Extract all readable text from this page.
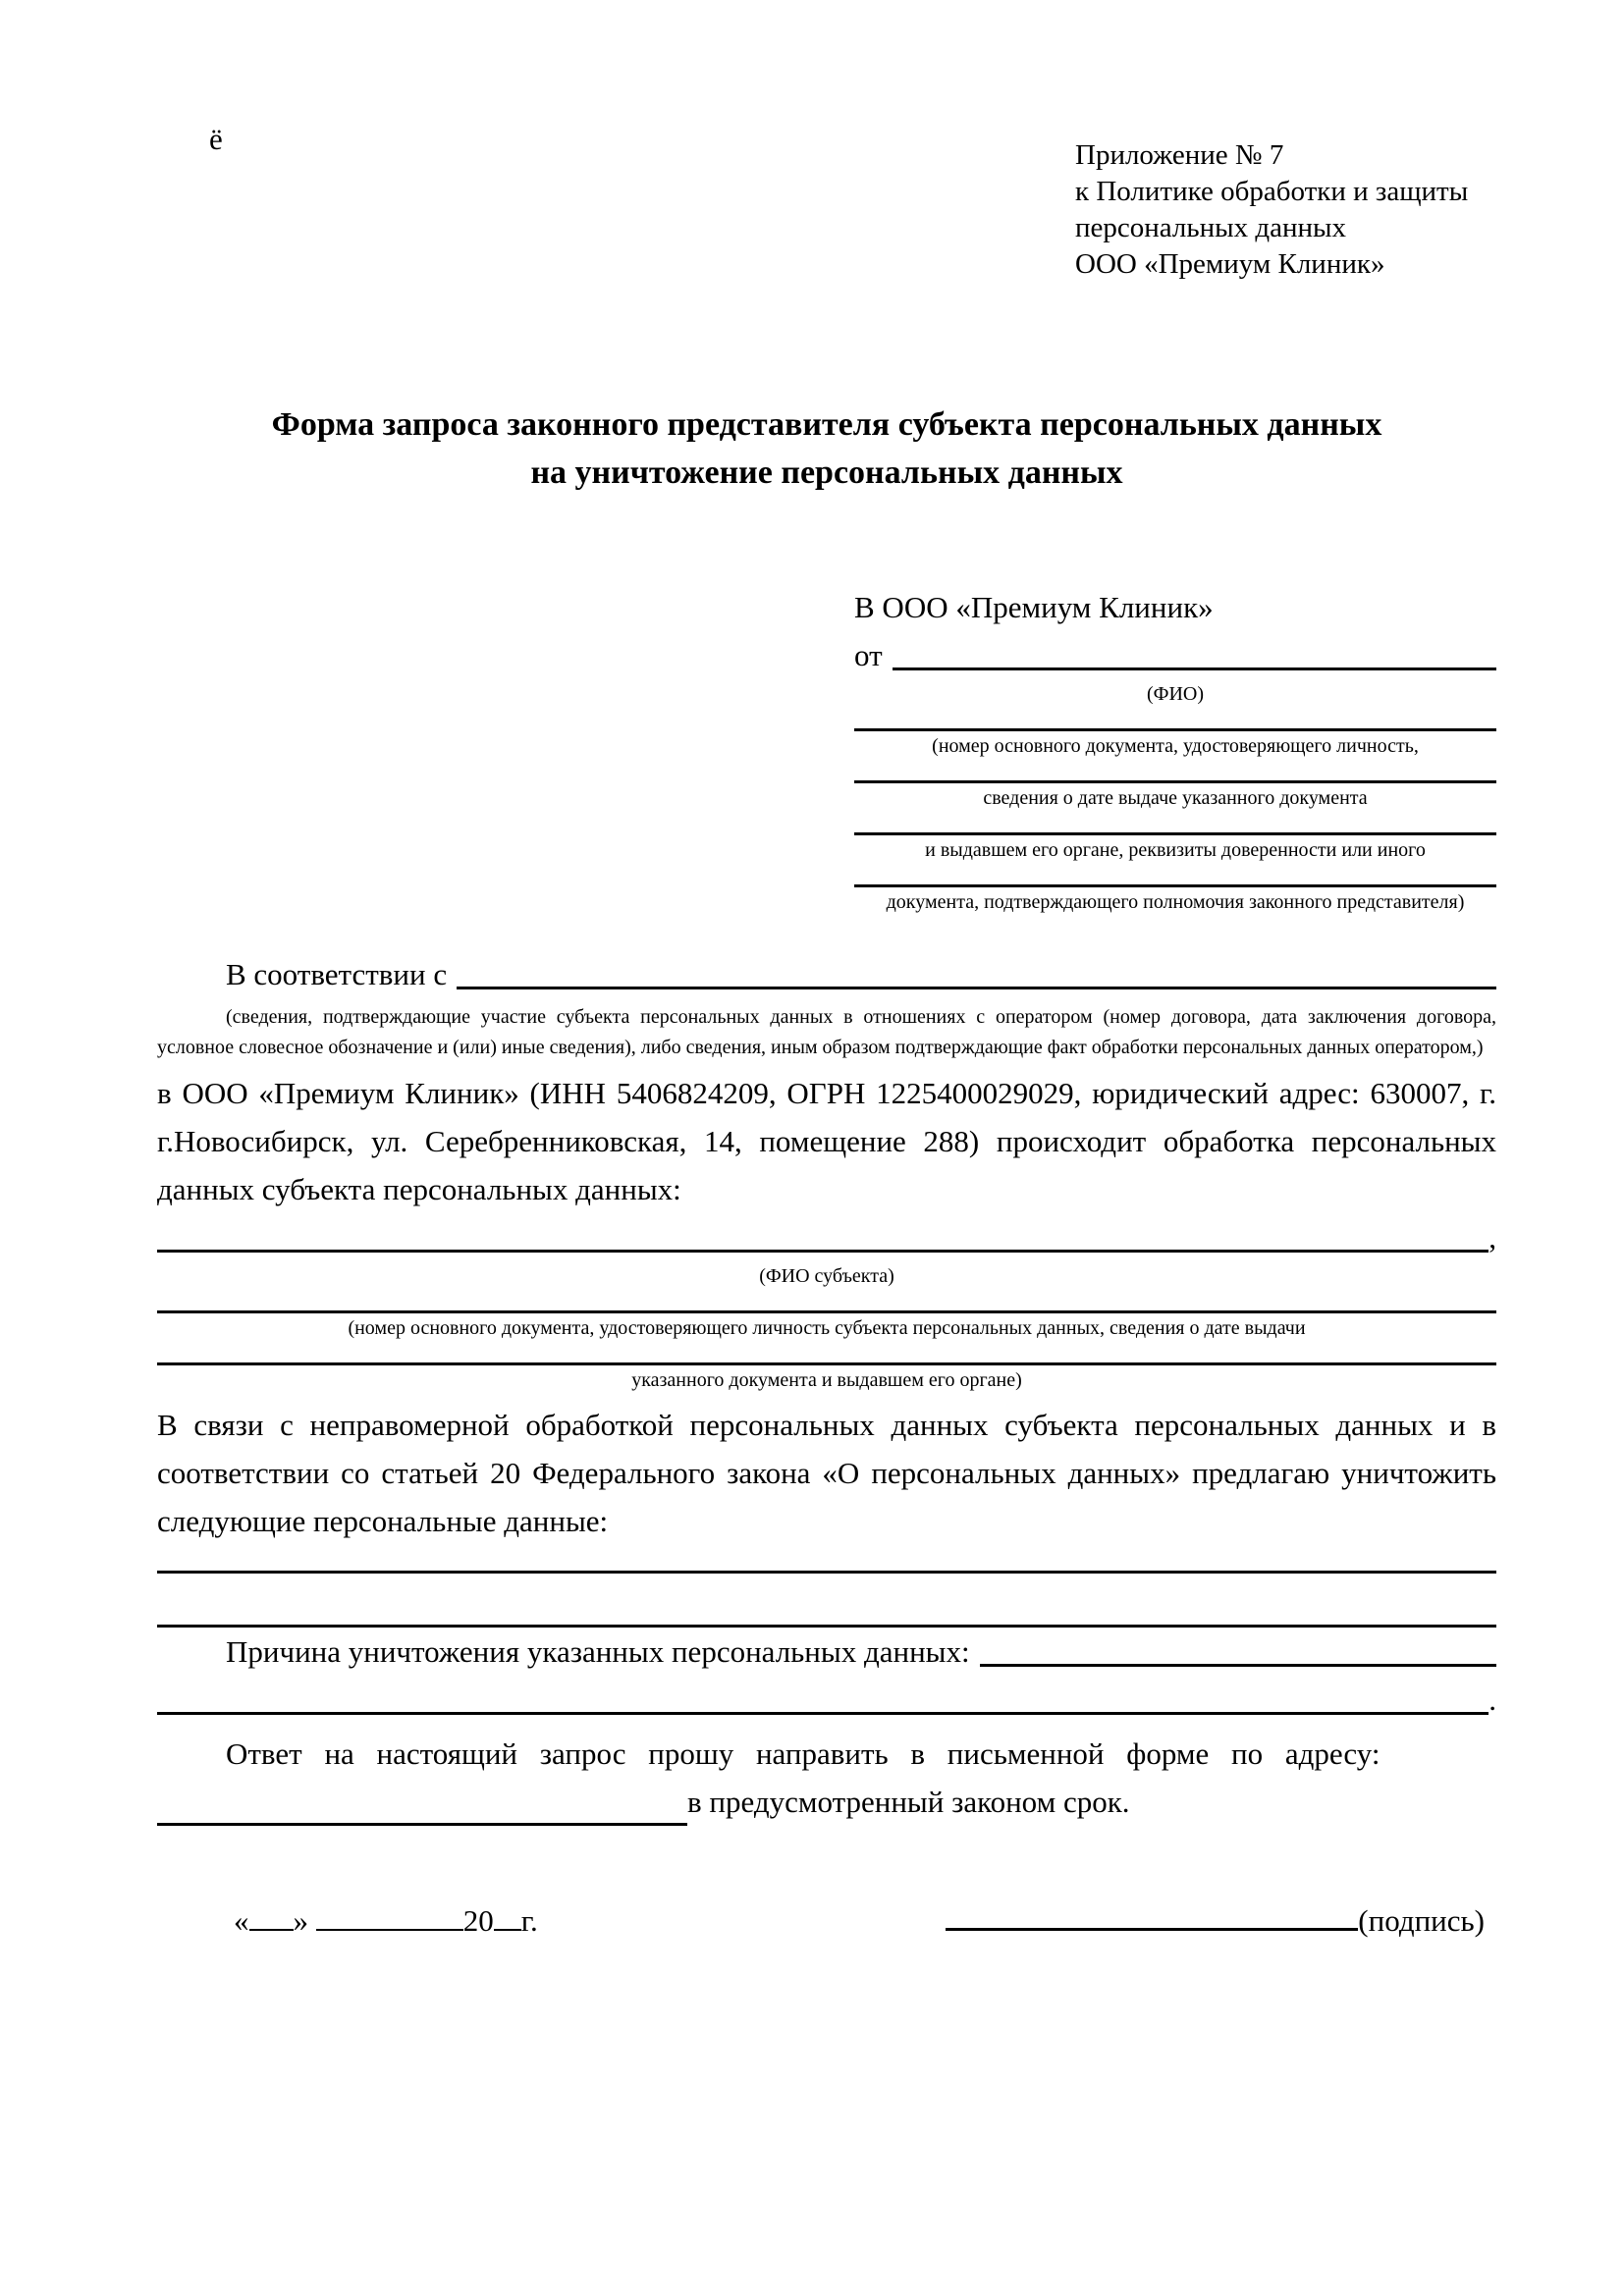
ё	Приложение № 7
к Политике обработки и защиты
персональных данных
ООО «Премиум Клиник»
Форма запроса законного представителя субъекта персональных данных
на уничтожение персональных данных
В ООО «Премиум Клиник»
от
(ФИО)
(номер основного документа, удостоверяющего личность,
сведения о дате выдаче указанного документа
и выдавшем его органе, реквизиты доверенности или иного
документа, подтверждающего полномочия законного представителя)
В соответствии с

(сведения, подтверждающие участие субъекта персональных данных в отношениях с оператором (номер договора, дата заключения договора, условное словесное обозначение и (или) иные сведения), либо сведения, иным образом подтверждающие факт обработки персональных данных оператором,)

в ООО «Премиум Клиник» (ИНН 5406824209, ОГРН 1225400029029, юридический адрес: 630007, г. г.Новосибирск, ул. Серебренниковская, 14, помещение 288) происходит обработка персональных данных субъекта персональных данных:

,
(ФИО субъекта)
(номер основного документа, удостоверяющего личность субъекта персональных данных, сведения о дате выдачи
указанного документа и выдавшем его органе)

В связи с неправомерной обработкой персональных данных субъекта персональных данных и в соответствии со статьей 20 Федерального закона «О персональных данных» предлагаю уничтожить следующие персональные данные:

Причина уничтожения указанных персональных данных:
.

Ответ на настоящий запрос прошу направить в письменной форме по адресу:

в предусмотренный законом срок.
« »	20 г.	(подпись)
